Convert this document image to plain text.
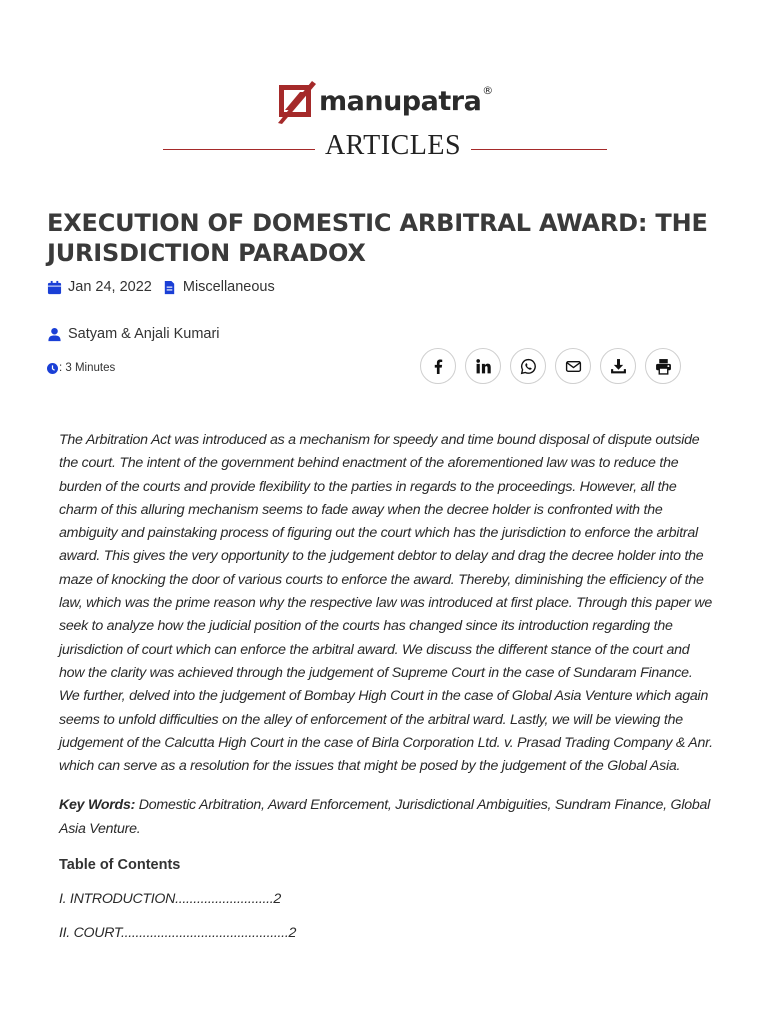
manupatra ®
ARTICLES
EXECUTION OF DOMESTIC ARBITRAL AWARD: THE JURISDICTION PARADOX
Jan 24, 2022 Miscellaneous
Satyam & Anjali Kumari
: 3 Minutes

The Arbitration Act was introduced as a mechanism for speedy and time bound disposal of dispute outside the court. The intent of the government behind enactment of the aforementioned law was to reduce the burden of the courts and provide flexibility to the parties in regards to the proceedings. However, all the charm of this alluring mechanism seems to fade away when the decree holder is confronted with the ambiguity and painstaking process of figuring out the court which has the jurisdiction to enforce the arbitral award. This gives the very opportunity to the judgement debtor to delay and drag the decree holder into the maze of knocking the door of various courts to enforce the award. Thereby, diminishing the efficiency of the law, which was the prime reason why the respective law was introduced at first place. Through this paper we seek to analyze how the judicial position of the courts has changed since its introduction regarding the jurisdiction of court which can enforce the arbitral award. We discuss the different stance of the court and how the clarity was achieved through the judgement of Supreme Court in the case of Sundaram Finance. We further, delved into the judgement of Bombay High Court in the case of Global Asia Venture which again seems to unfold difficulties on the alley of enforcement of the arbitral ward. Lastly, we will be viewing the judgement of the Calcutta High Court in the case of Birla Corporation Ltd. v. Prasad Trading Company & Anr. which can serve as a resolution for the issues that might be posed by the judgement of the Global Asia.

Key Words: Domestic Arbitration, Award Enforcement, Jurisdictional Ambiguities, Sundram Finance, Global Asia Venture.

Table of Contents

I. INTRODUCTION...........................2

II. COURT..............................................2
